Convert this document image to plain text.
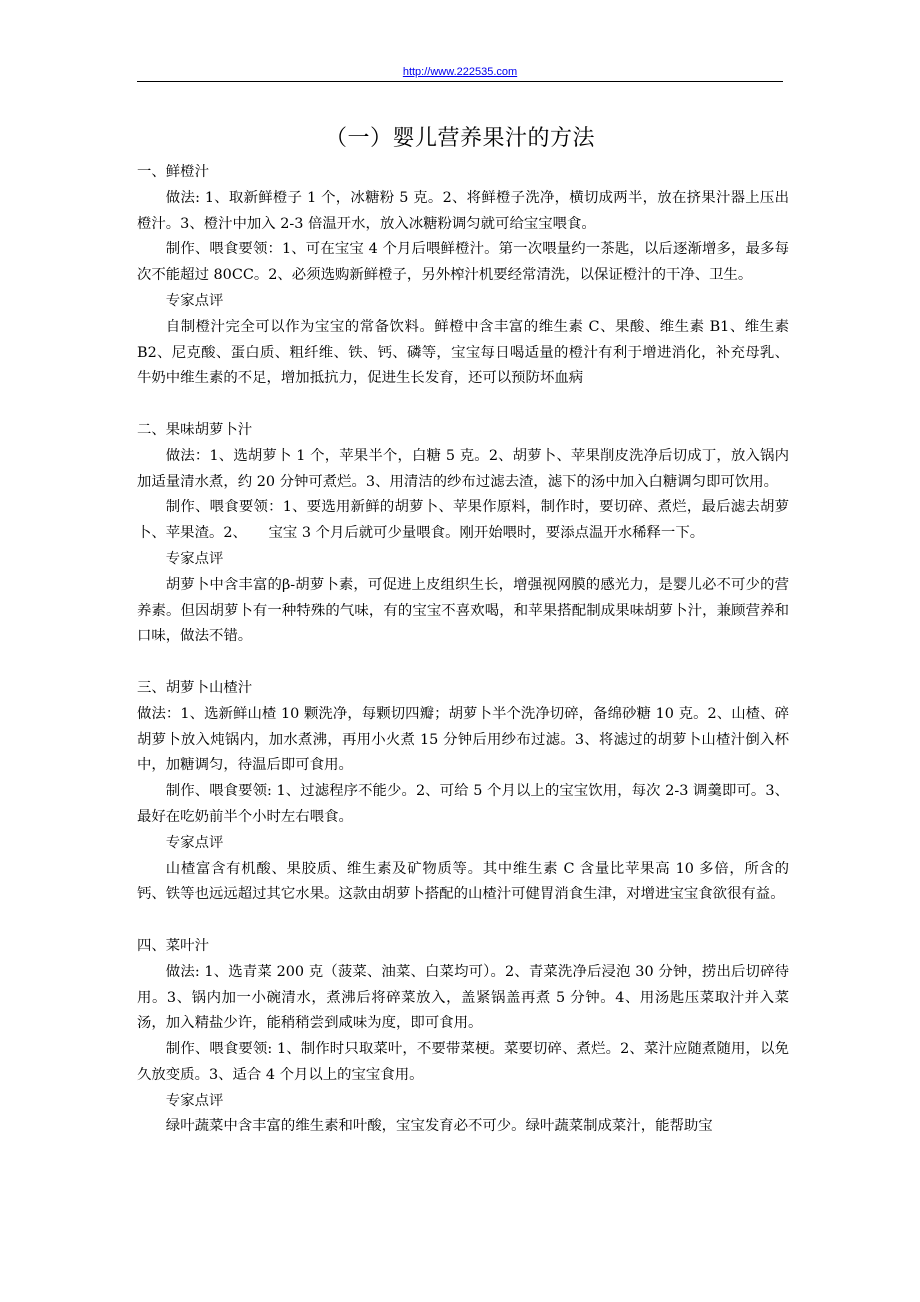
http://www.222535.com
（一）婴儿营养果汁的方法

一、鲜橙汁

做法: 1、取新鲜橙子 1 个，冰糖粉 5 克。2、将鲜橙子洗净，横切成两半，放在挤果汁器上压出橙汁。3、橙汁中加入 2-3 倍温开水，放入冰糖粉调匀就可给宝宝喂食。

制作、喂食要领：1、可在宝宝 4 个月后喂鲜橙汁。第一次喂量约一茶匙，以后逐渐增多，最多每次不能超过 80CC。2、必须选购新鲜橙子，另外榨汁机要经常清洗，以保证橙汁的干净、卫生。

专家点评

自制橙汁完全可以作为宝宝的常备饮料。鲜橙中含丰富的维生素 C、果酸、维生素 B1、维生素 B2、尼克酸、蛋白质、粗纤维、铁、钙、磷等，宝宝每日喝适量的橙汁有利于增进消化，补充母乳、牛奶中维生素的不足，增加抵抗力，促进生长发育，还可以预防坏血病

二、果味胡萝卜汁

做法：1、选胡萝卜 1 个，苹果半个，白糖 5 克。2、胡萝卜、苹果削皮洗净后切成丁，放入锅内加适量清水煮，约 20 分钟可煮烂。3、用清洁的纱布过滤去渣，滤下的汤中加入白糖调匀即可饮用。

制作、喂食要领：1、要选用新鲜的胡萝卜、苹果作原料，制作时，要切碎、煮烂，最后滤去胡萝卜、苹果渣。2、　　宝宝 3 个月后就可少量喂食。刚开始喂时，要添点温开水稀释一下。

专家点评

胡萝卜中含丰富的β-胡萝卜素，可促进上皮组织生长，增强视网膜的感光力，是婴儿必不可少的营养素。但因胡萝卜有一种特殊的气味，有的宝宝不喜欢喝，和苹果搭配制成果味胡萝卜汁，兼顾营养和口味，做法不错。

三、胡萝卜山楂汁

做法：1、选新鲜山楂 10 颗洗净，每颗切四瓣；胡萝卜半个洗净切碎，备绵砂糖 10 克。2、山楂、碎胡萝卜放入炖锅内，加水煮沸，再用小火煮 15 分钟后用纱布过滤。3、将滤过的胡萝卜山楂汁倒入杯中，加糖调匀，待温后即可食用。

制作、喂食要领: 1、过滤程序不能少。2、可给 5 个月以上的宝宝饮用，每次 2-3 调羹即可。3、最好在吃奶前半个小时左右喂食。

专家点评

山楂富含有机酸、果胶质、维生素及矿物质等。其中维生素 C 含量比苹果高 10 多倍，所含的钙、铁等也远远超过其它水果。这款由胡萝卜搭配的山楂汁可健胃消食生津，对增进宝宝食欲很有益。

四、菜叶汁

做法: 1、选青菜 200 克（菠菜、油菜、白菜均可）。2、青菜洗净后浸泡 30 分钟，捞出后切碎待用。3、锅内加一小碗清水，煮沸后将碎菜放入，盖紧锅盖再煮 5 分钟。4、用汤匙压菜取汁并入菜汤，加入精盐少许，能稍稍尝到咸味为度，即可食用。

制作、喂食要领: 1、制作时只取菜叶，不要带菜梗。菜要切碎、煮烂。2、菜汁应随煮随用，以免久放变质。3、适合 4 个月以上的宝宝食用。

专家点评

绿叶蔬菜中含丰富的维生素和叶酸，宝宝发育必不可少。绿叶蔬菜制成菜汁，能帮助宝
